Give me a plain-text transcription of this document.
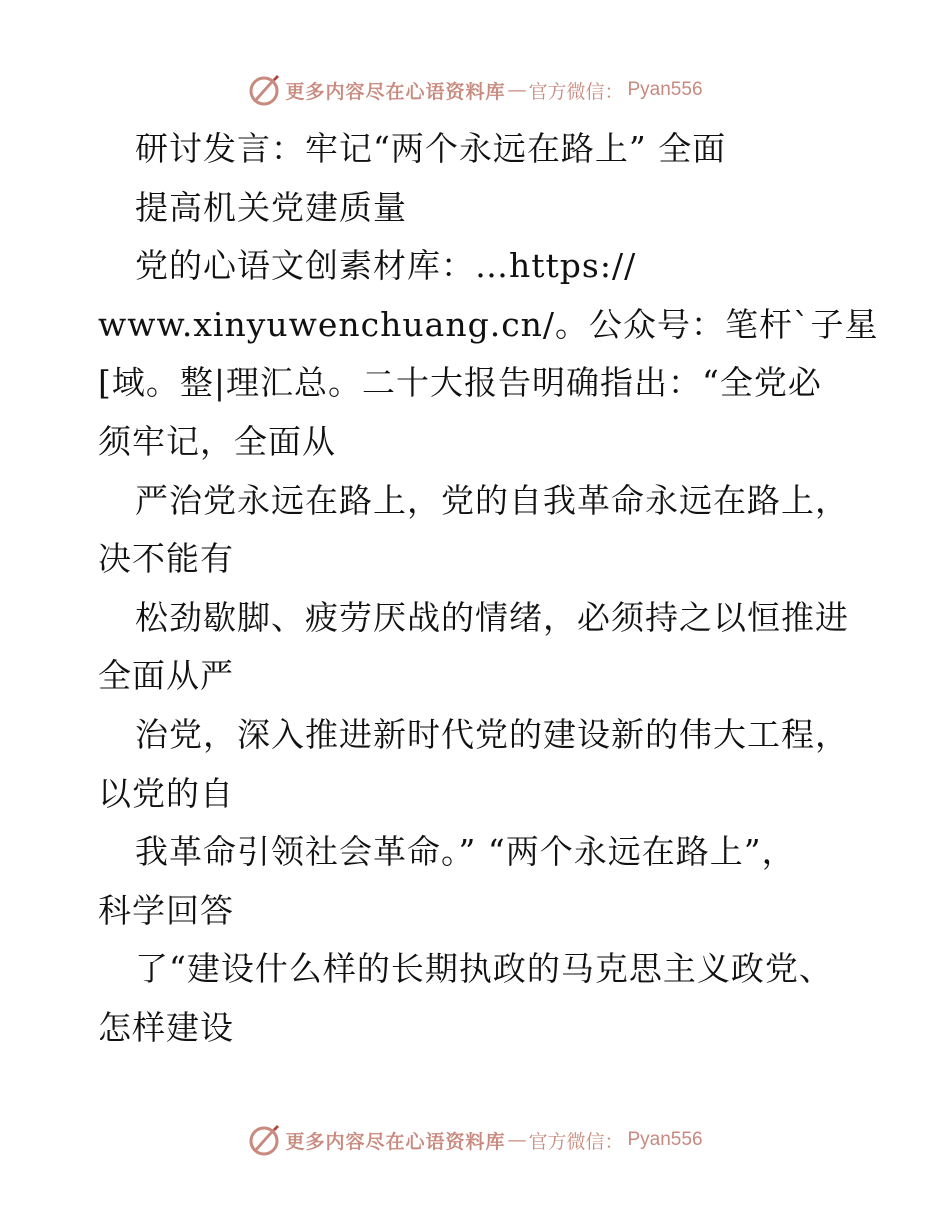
更多内容尽在心语资料库 — 官方微信： Pyan556
研讨发言：牢记“两个永远在路上” 全面
提高机关党建质量
党的心语文创素材库：…https://
www.xinyuwenchuang.cn/。公众号：笔杆`子星
[域。整|理汇总。二十大报告明确指出：“全党必
须牢记，全面从
严治党永远在路上，党的自我革命永远在路上，
决不能有
松劲歇脚、疲劳厌战的情绪，必须持之以恒推进
全面从严
治党，深入推进新时代党的建设新的伟大工程，
以党的自
我革命引领社会革命。” “两个永远在路上”，
科学回答
了“建设什么样的长期执政的马克思主义政党、
怎样建设
更多内容尽在心语资料库 — 官方微信： Pyan556
